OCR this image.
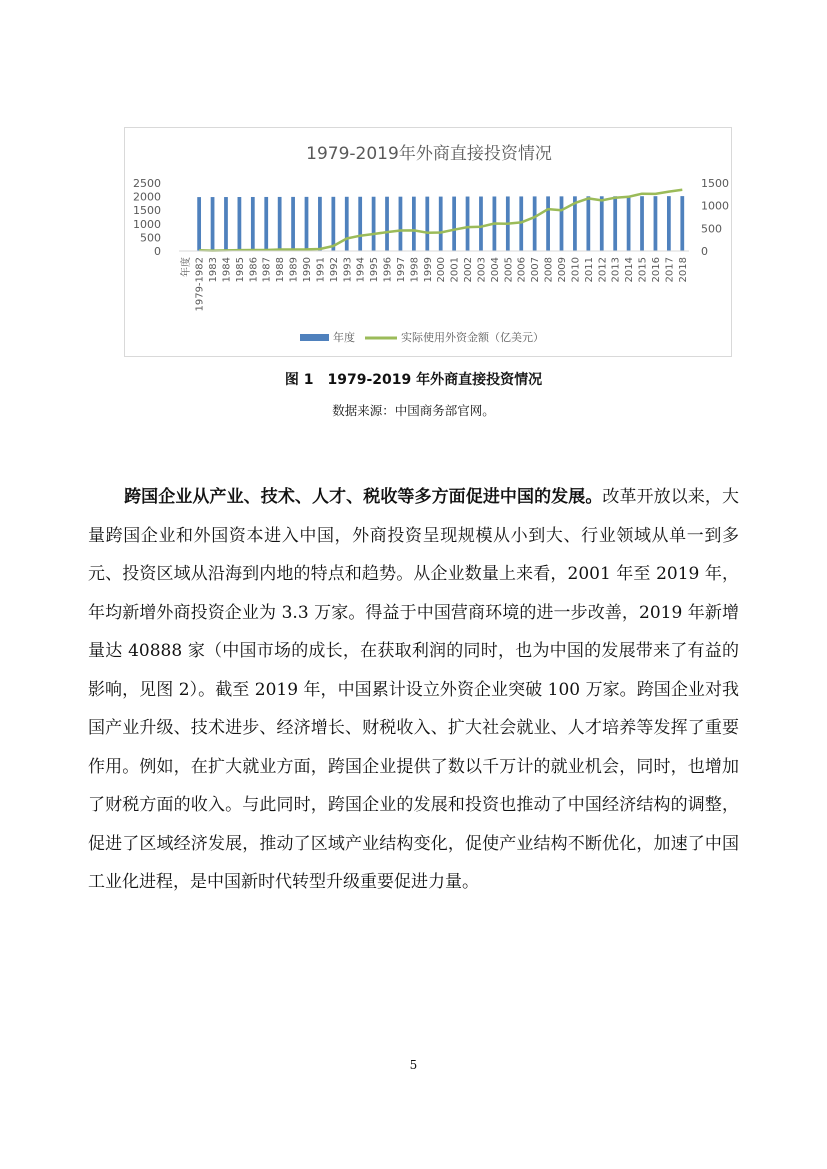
1979-2019年外商直接投资情况
0
500
1000
1500
2000
2500
0
500
1000
1500
年度 1979-1982 1983 1984 1985 1986 1987 1988 1989 1990 1991 1992 1993 1994 1995 1996 1997 1998 1999 2000 2001 2002 2003 2004 2005 2006 2007 2008 2009 2010 2011 2012 2013 2014 2015 2016 2017 2018
年度	实际使用外资金额（亿美元）
图 1　1979-2019 年外商直接投资情况
数据来源：中国商务部官网。
跨国企业从产业、技术、人才、税收等多方面促进中国的发展。改革开放以来，大量跨国企业和外国资本进入中国，外商投资呈现规模从小到大、行业领域从单一到多元、投资区域从沿海到内地的特点和趋势。从企业数量上来看，2001 年至 2019 年，年均新增外商投资企业为 3.3 万家。得益于中国营商环境的进一步改善，2019 年新增量达 40888 家（中国市场的成长，在获取利润的同时，也为中国的发展带来了有益的影响，见图 2）。截至 2019 年，中国累计设立外资企业突破 100 万家。跨国企业对我国产业升级、技术进步、经济增长、财税收入、扩大社会就业、人才培养等发挥了重要作用。例如，在扩大就业方面，跨国企业提供了数以千万计的就业机会，同时，也增加了财税方面的收入。与此同时，跨国企业的发展和投资也推动了中国经济结构的调整，促进了区域经济发展，推动了区域产业结构变化，促使产业结构不断优化，加速了中国工业化进程，是中国新时代转型升级重要促进力量。
5
